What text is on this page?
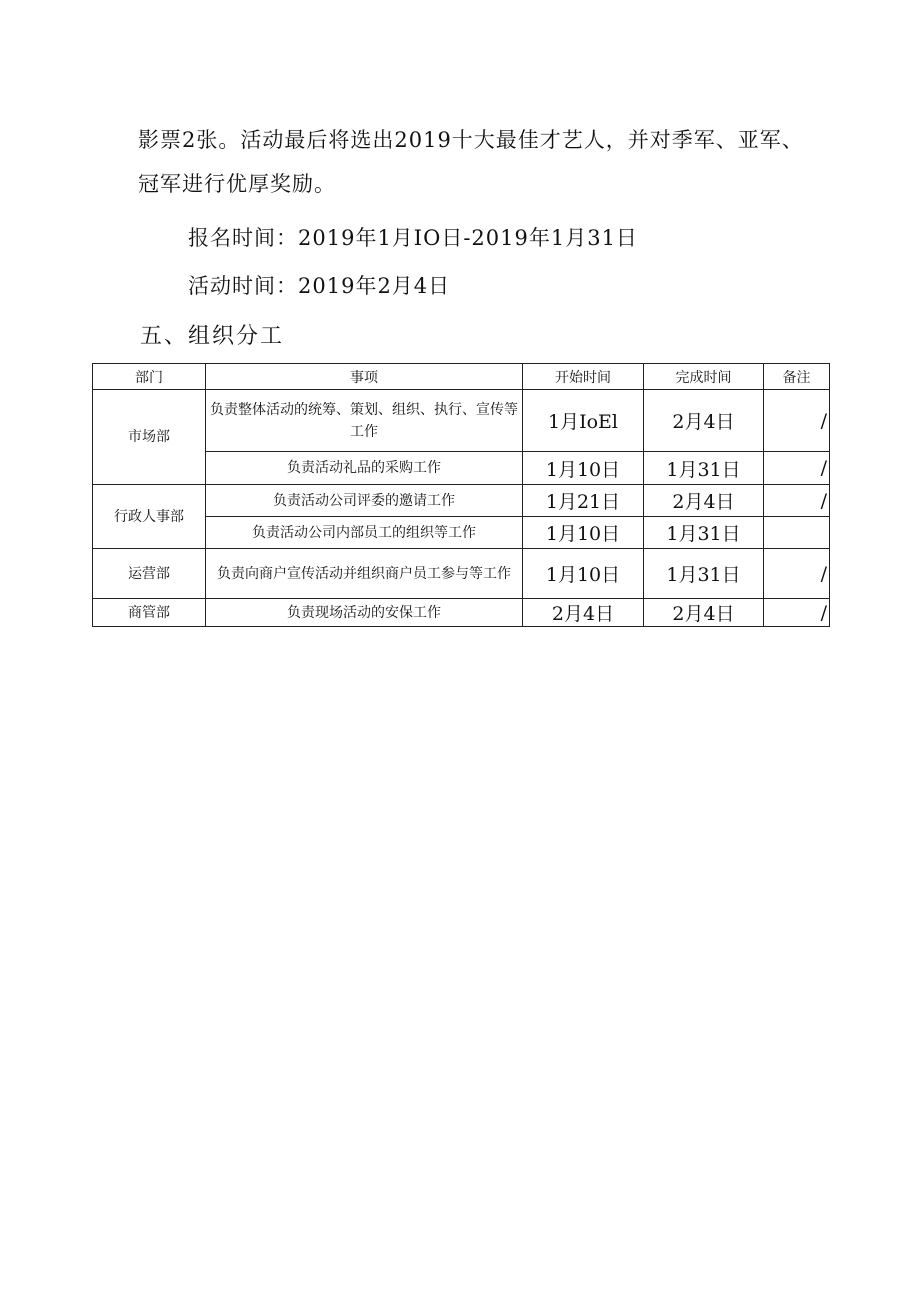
影票2张。活动最后将选出2019十大最佳才艺人，并对季军、亚军、冠军进行优厚奖励。
报名时间：2019年1月IO日-2019年1月31日
活动时间：2019年2月4日
五、组织分工
部门	事项	开始时间	完成时间	备注
市场部	负责整体活动的统筹、策划、组织、执行、宣传等工作	1月IoEl	2月4日	/
	负责活动礼品的采购工作	1月10日	1月31日	/
行政人事部	负责活动公司评委的邀请工作	1月21日	2月4日	/
	负责活动公司内部员工的组织等工作	1月10日	1月31日	
运营部	负责向商户宣传活动并组织商户员工参与等工作	1月10日	1月31日	/
商管部	负责现场活动的安保工作	2月4日	2月4日	/
